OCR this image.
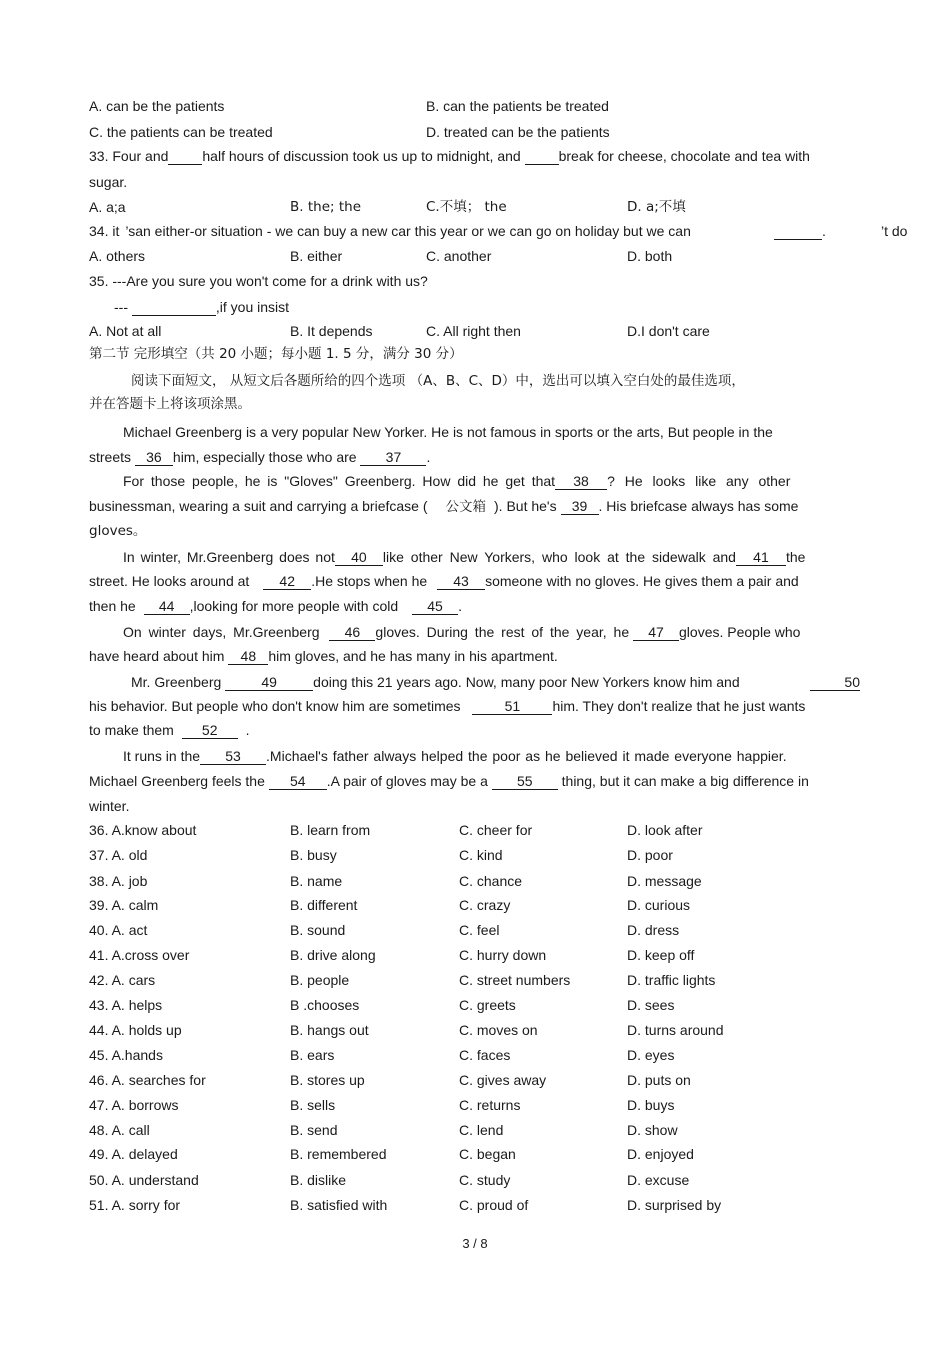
A. can be the patients	B. can the patients be treated
C. the patients can be treated	D. treated can be the patients
33. Four and half hours of discussion took us up to midnight, and	break for cheese, chocolate and tea with
sugar.
A. a;a	B. the; the	C.不填； the	D. a;不填
34. it ’san either-or situation - we can buy a new car this year or we can go on holiday but we can	.	’t do
A. others	B. either	C. another	D. both
35. ---Are you sure you won't come for a drink with us?
---	,if you insist
A. Not at all	B. It depends	C. All right then	D.I don't care
第二节 完形填空（共 20 小题；每小题 1. 5 分，满分 30 分）
阅读下面短文， 从短文后各题所给的四个选项 （A、B、C、D）中，选出可以填入空白处的最佳选项，
并在答题卡上将该项涂黑。
Michael Greenberg is a very popular New Yorker. He is not famous in sports or the arts, But people in the
streets 36 him, especially those who are 37 .
For those people, he is "Gloves" Greenberg. How did he get that 38 ? He looks like any other
businessman, wearing a suit and carrying a briefcase ( 公文箱 ). But he's 39 . His briefcase always has some
gloves。
In winter, Mr.Greenberg does not 40 like other New Yorkers, who look at the sidewalk and 41 the
street. He looks around at 42 .He stops when he 43 someone with no gloves. He gives them a pair and
then he 44 ,looking for more people with cold 45 .
On winter days, Mr.Greenberg 46 gloves. During the rest of the year, he 47 gloves. People who
have heard about him 48 him gloves, and he has many in his apartment.
Mr. Greenberg	49	doing this 21 years ago. Now, many poor New Yorkers know him and	50
his behavior. But people who don't know him are sometimes	51 him. They don't realize that he just wants
to make them 52 .
It runs in the 53 .Michael's father always helped the poor as he believed it made everyone happier.
Michael Greenberg feels the 54 .A pair of gloves may be a 55 thing, but it can make a big difference in
winter.
36. A.know about	B. learn from	C. cheer for	D. look after
37. A. old	B. busy	C. kind	D. poor
38. A. job	B. name	C. chance	D. message
39. A. calm	B. different	C. crazy	D. curious
40. A. act	B. sound	C. feel	D. dress
41. A.cross over	B. drive along	C. hurry down	D. keep off
42. A. cars	B. people	C. street numbers	D. traffic lights
43. A. helps	B .chooses	C. greets	D. sees
44. A. holds up	B. hangs out	C. moves on	D. turns around
45. A.hands	B. ears	C. faces	D. eyes
46. A. searches for	B. stores up	C. gives away	D. puts on
47. A. borrows	B. sells	C. returns	D. buys
48. A. call	B. send	C. lend	D. show
49. A. delayed	B. remembered	C. began	D. enjoyed
50. A. understand	B. dislike	C. study	D. excuse
51. A. sorry for	B. satisfied with	C. proud of	D. surprised by
3 / 8
